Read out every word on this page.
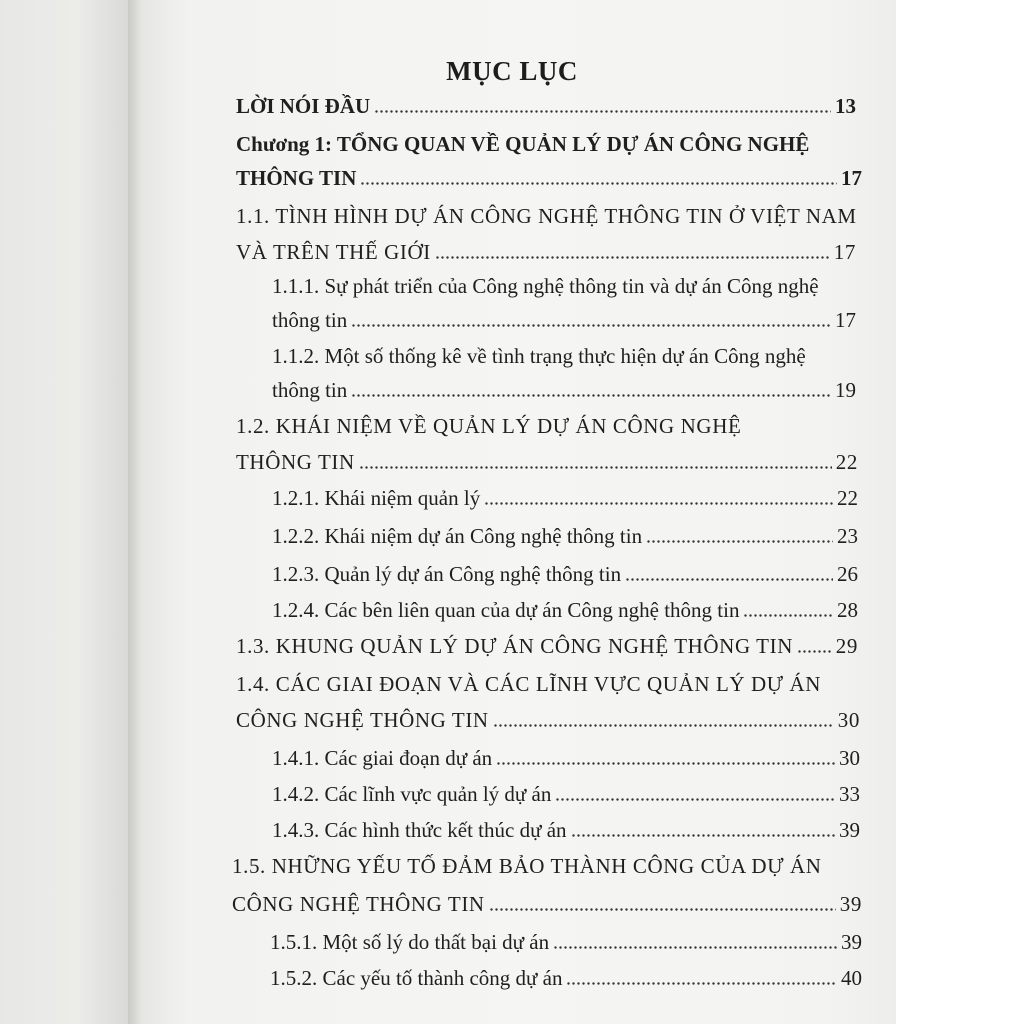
MỤC LỤC
LỜI NÓI ĐẦU	13
Chương 1: TỔNG QUAN VỀ QUẢN LÝ DỰ ÁN CÔNG NGHỆ
THÔNG TIN	17
1.1. TÌNH HÌNH DỰ ÁN CÔNG NGHỆ THÔNG TIN Ở VIỆT NAM
VÀ TRÊN THẾ GIỚI	17
1.1.1. Sự phát triển của Công nghệ thông tin và dự án Công nghệ
thông tin	17
1.1.2. Một số thống kê về tình trạng thực hiện dự án Công nghệ
thông tin	19
1.2. KHÁI NIỆM VỀ QUẢN LÝ DỰ ÁN CÔNG NGHỆ
THÔNG TIN	22
1.2.1. Khái niệm quản lý	22
1.2.2. Khái niệm dự án Công nghệ thông tin	23
1.2.3. Quản lý dự án Công nghệ thông tin	26
1.2.4. Các bên liên quan của dự án Công nghệ thông tin	28
1.3. KHUNG QUẢN LÝ DỰ ÁN CÔNG NGHỆ THÔNG TIN 29
1.4. CÁC GIAI ĐOẠN VÀ CÁC LĨNH VỰC QUẢN LÝ DỰ ÁN
CÔNG NGHỆ THÔNG TIN	30
1.4.1. Các giai đoạn dự án	30
1.4.2. Các lĩnh vực quản lý dự án	33
1.4.3. Các hình thức kết thúc dự án	39
1.5. NHỮNG YẾU TỐ ĐẢM BẢO THÀNH CÔNG CỦA DỰ ÁN
CÔNG NGHỆ THÔNG TIN	39
1.5.1. Một số lý do thất bại dự án	39
1.5.2. Các yếu tố thành công dự án	40
